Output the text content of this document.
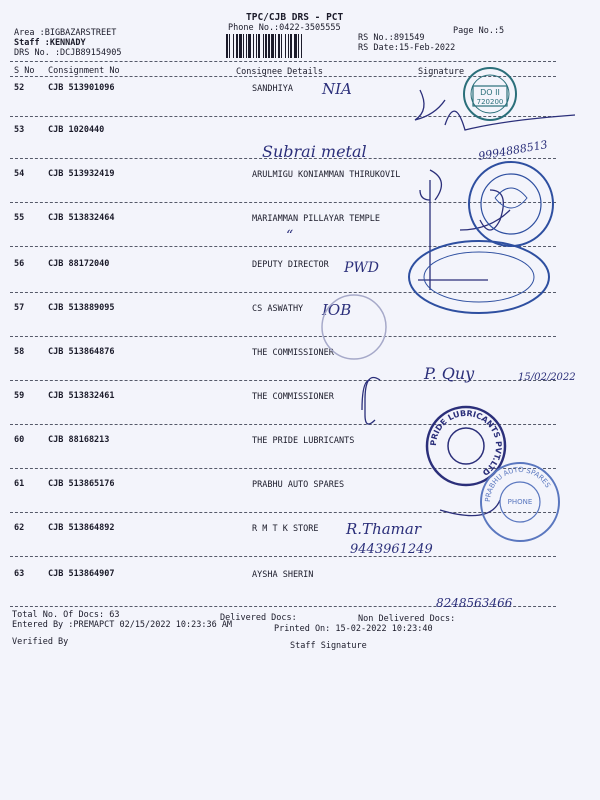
TPC/CJB DRS - PCT
Phone No.:0422-3505555	Page No.:5
Area :BIGBAZARSTREET
Staff :KENNADY
DRS No. :DCJB89154905
RS No.:891549
RS Date:15-Feb-2022
S No Consignment No	Consignee Details	Signature
52	CJB 513901096	SANDHIYA
53	CJB 1020440
54	CJB 513932419	ARULMIGU KONIAMMAN THIRUKOVIL
55	CJB 513832464	MARIAMMAN PILLAYAR TEMPLE
56	CJB 88172040	DEPUTY DIRECTOR
57	CJB 513889095	CS ASWATHY
58	CJB 513864876	THE COMMISSIONER
59	CJB 513832461	THE COMMISSIONER
60	CJB 88168213	THE PRIDE LUBRICANTS
61	CJB 513865176	PRABHU AUTO SPARES
62	CJB 513864892	R M T K STORE
63	CJB 513864907	AYSHA SHERIN
Total No. Of Docs: 63	Delivered Docs:	Non Delivered Docs:
Entered By :PREMAPCT 02/15/2022 10:23:36 AM	Printed On: 15-02-2022 10:23:40
Verified By	Staff Signature
NIA
Subrai metal	9994888513
“
PWD
IOB
P. Quy	15/02/2022
R.Thamar
9443961249
8248563466
DO II
720200
PRIDE LUBRICANTS PVT.LTD
PRABHU AUTO SPARES
PHONE
